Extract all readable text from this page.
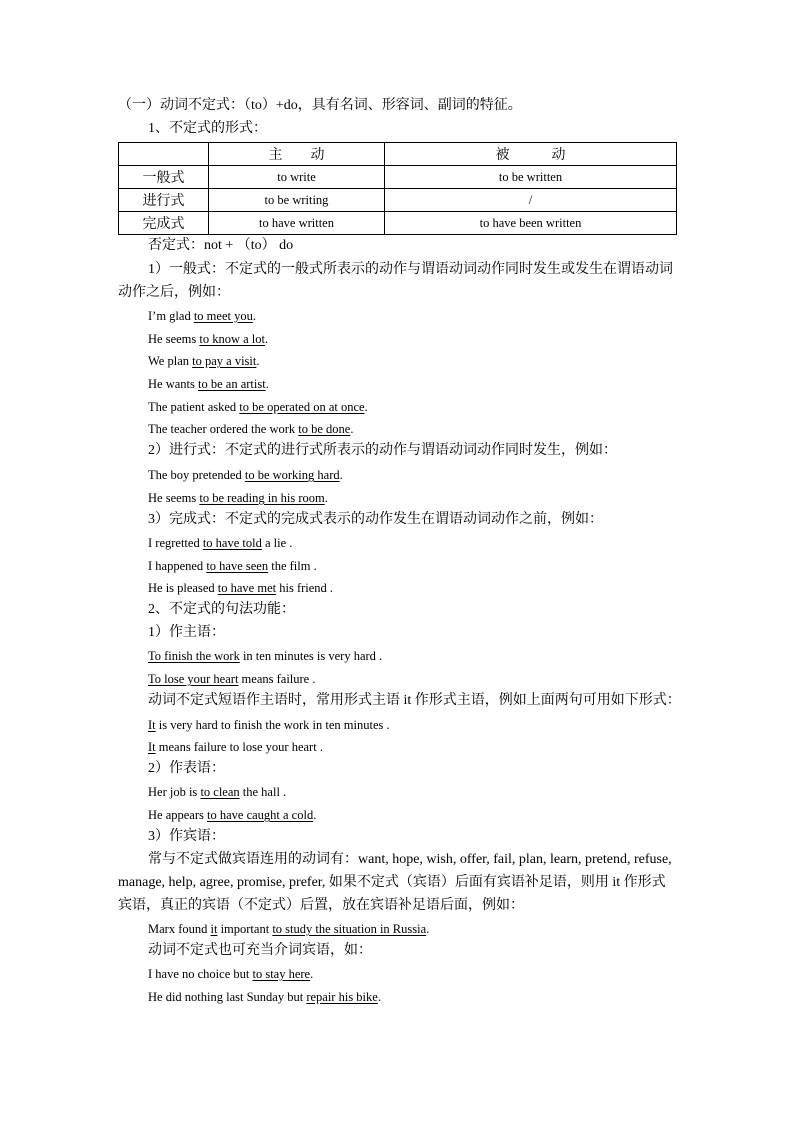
（一）动词不定式：（to）+do，具有名词、形容词、副词的特征。
1、不定式的形式：
	主　　动	被　　　动
一般式	to write	to be written
进行式	to be writing	/
完成式	to have written	to have been written
否定式：not + （to） do
1）一般式：不定式的一般式所表示的动作与谓语动词动作同时发生或发生在谓语动词
动作之后，例如：
I’m glad to meet you.
He seems to know a lot.
We plan to pay a visit.
He wants to be an artist.
The patient asked to be operated on at once.
The teacher ordered the work to be done.
2）进行式：不定式的进行式所表示的动作与谓语动词动作同时发生，例如：
The boy pretended to be working hard.
He seems to be reading in his room.
3）完成式：不定式的完成式表示的动作发生在谓语动词动作之前，例如：
I regretted to have told a lie .
I happened to have seen the film .
He is pleased to have met his friend .
2、不定式的句法功能：
1）作主语：
To finish the work in ten minutes is very hard .
To lose your heart means failure .
动词不定式短语作主语时，常用形式主语 it 作形式主语，例如上面两句可用如下形式：
It is very hard to finish the work in ten minutes .
It means failure to lose your heart .
2）作表语：
Her job is to clean the hall .
He appears to have caught a cold.
3）作宾语：
常与不定式做宾语连用的动词有：want, hope, wish, offer, fail, plan, learn, pretend, refuse,
manage, help, agree, promise, prefer, 如果不定式（宾语）后面有宾语补足语，则用 it 作形式
宾语，真正的宾语（不定式）后置，放在宾语补足语后面，例如：
Marx found it important to study the situation in Russia.
动词不定式也可充当介词宾语，如：
I have no choice but to stay here.
He did nothing last Sunday but repair his bike.
